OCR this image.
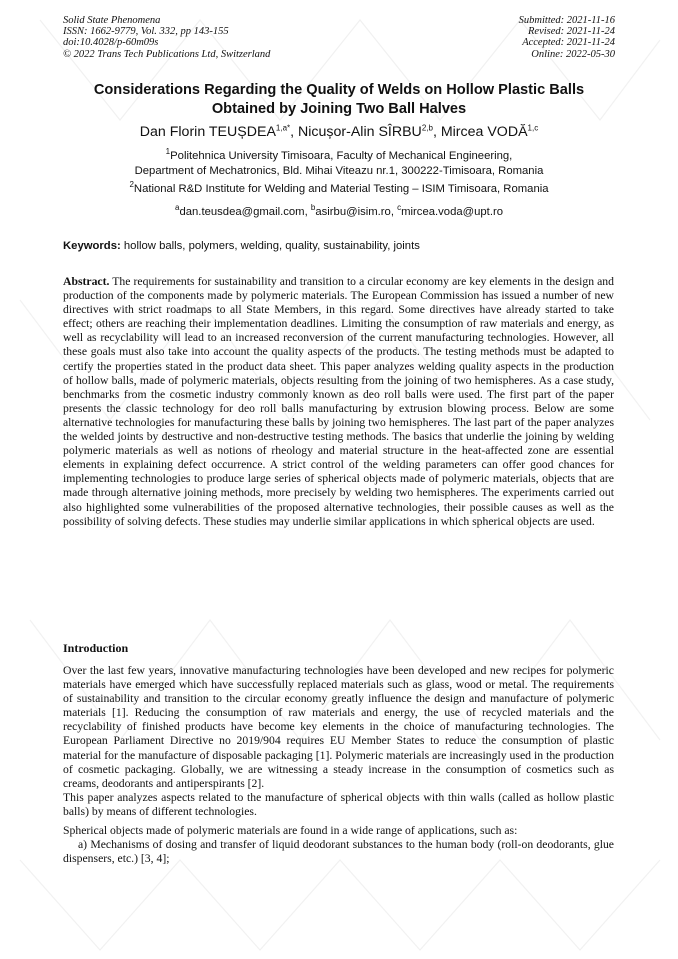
Solid State Phenomena
ISSN: 1662-9779, Vol. 332, pp 143-155
doi:10.4028/p-60m09s
© 2022 Trans Tech Publications Ltd, Switzerland
Submitted: 2021-11-16
Revised: 2021-11-24
Accepted: 2021-11-24
Online: 2022-05-30
Considerations Regarding the Quality of Welds on Hollow Plastic Balls
Obtained by Joining Two Ball Halves
Dan Florin $TEUȘDEA^{1,a*}$, Nicușor-Alin SÎRBU$^{2,b}$, Mircea VODĂ$^{1,c}$
$^1$Politehnica University Timisoara, Faculty of Mechanical Engineering,
Department of Mechatronics, Bld. Mihai Viteazu nr.1, 300222-Timisoara, Romania
$^2$National R&D Institute for Welding and Material Testing – ISIM Timisoara, Romania
$^a$dan.teusdea@gmail.com, $^b$asirbu@isim.ro, $^c$mircea.voda@upt.ro
Keywords: hollow balls, polymers, welding, quality, sustainability, joints
Abstract. The requirements for sustainability and transition to a circular economy are key elements in the design and production of the components made by polymeric materials. The European Commission has issued a number of new directives with strict roadmaps to all State Members, in this regard. Some directives have already started to take effect; others are reaching their implementation deadlines. Limiting the consumption of raw materials and energy, as well as recyclability will lead to an increased reconversion of the current manufacturing technologies. However, all these goals must also take into account the quality aspects of the products. The testing methods must be adapted to certify the properties stated in the product data sheet. This paper analyzes welding quality aspects in the production of hollow balls, made of polymeric materials, objects resulting from the joining of two hemispheres. As a case study, benchmarks from the cosmetic industry commonly known as deo roll balls were used. The first part of the paper presents the classic technology for deo roll balls manufacturing by extrusion blowing process. Below are some alternative technologies for manufacturing these balls by joining two hemispheres. The last part of the paper analyzes the welded joints by destructive and non-destructive testing methods. The basics that underlie the joining by welding polymeric materials as well as notions of rheology and material structure in the heat-affected zone are essential elements in explaining defect occurrence. A strict control of the welding parameters can offer good chances for implementing technologies to produce large series of spherical objects made of polymeric materials, objects that are made through alternative joining methods, more precisely by welding two hemispheres. The experiments carried out also highlighted some vulnerabilities of the proposed alternative technologies, their possible causes as well as the possibility of solving defects. These studies may underlie similar applications in which spherical objects are used.
Introduction

Over the last few years, innovative manufacturing technologies have been developed and new recipes for polymeric materials have emerged which have successfully replaced materials such as glass, wood or metal. The requirements of sustainability and transition to the circular economy greatly influence the design and manufacture of polymeric materials [1]. Reducing the consumption of raw materials and energy, the use of recycled materials and the recyclability of finished products have become key elements in the choice of manufacturing technologies. The European Parliament Directive no 2019/904 requires EU Member States to reduce the consumption of plastic material for the manufacture of disposable packaging [1]. Polymeric materials are increasingly used in the production of cosmetic packaging. Globally, we are witnessing a steady increase in the consumption of cosmetics such as creams, deodorants and antiperspirants [2].

This paper analyzes aspects related to the manufacture of spherical objects with thin walls (called as hollow plastic balls) by means of different technologies.

Spherical objects made of polymeric materials are found in a wide range of applications, such as:

a) Mechanisms of dosing and transfer of liquid deodorant substances to the human body (roll-on deodorants, glue dispensers, etc.) [3, 4];
